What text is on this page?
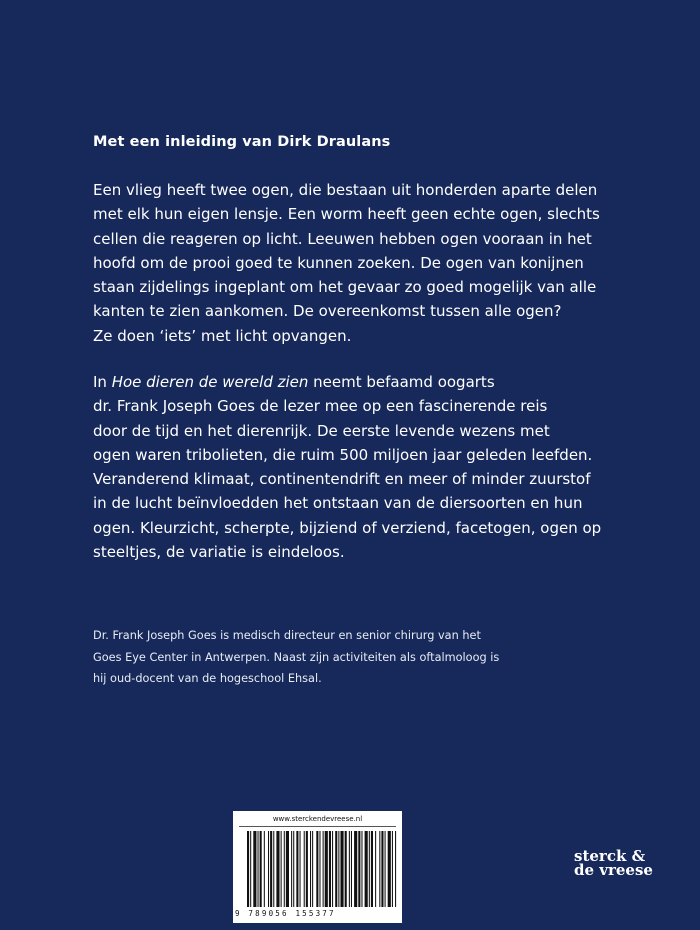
Met een inleiding van Dirk Draulans

Een vlieg heeft twee ogen, die bestaan uit honderden aparte delen
met elk hun eigen lensje. Een worm heeft geen echte ogen, slechts
cellen die reageren op licht. Leeuwen hebben ogen vooraan in het
hoofd om de prooi goed te kunnen zoeken. De ogen van konijnen
staan zijdelings ingeplant om het gevaar zo goed mogelijk van alle
kanten te zien aankomen. De overeenkomst tussen alle ogen?
Ze doen ‘iets’ met licht opvangen.

In Hoe dieren de wereld zien neemt befaamd oogarts
dr. Frank Joseph Goes de lezer mee op een fascinerende reis
door de tijd en het dierenrijk. De eerste levende wezens met
ogen waren tribolieten, die ruim 500 miljoen jaar geleden leefden.
Veranderend klimaat, continentendrift en meer of minder zuurstof
in de lucht beïnvloedden het ontstaan van de diersoorten en hun
ogen. Kleurzicht, scherpte, bijziend of verziend, facetogen, ogen op
steeltjes, de variatie is eindeloos.

Dr. Frank Joseph Goes is medisch directeur en senior chirurg van het
Goes Eye Center in Antwerpen. Naast zijn activiteiten als oftalmoloog is
hij oud-docent van de hogeschool Ehsal.
www.sterckendevreese.nl
9 789056 155377
sterck &
de vreese
